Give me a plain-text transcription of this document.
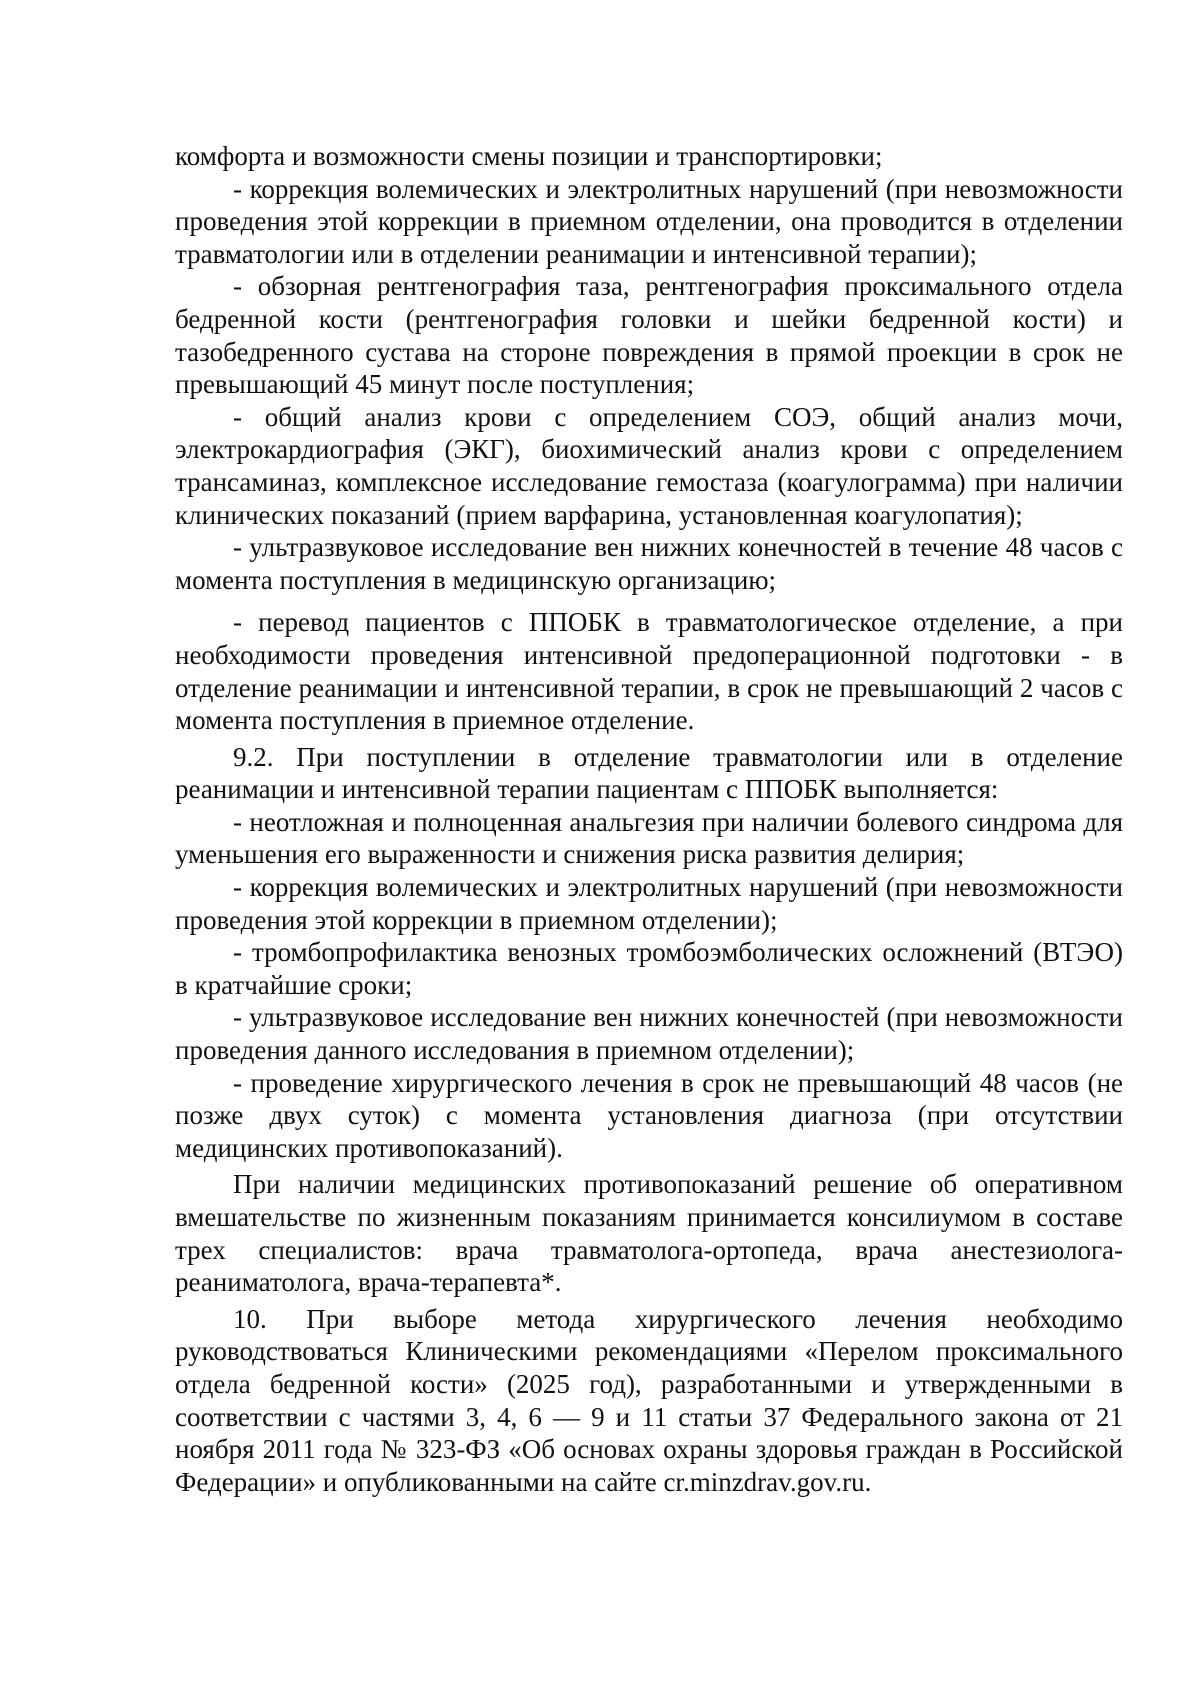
комфорта и возможности смены позиции и транспортировки;

- коррекция волемических и электролитных нарушений (при невозможности проведения этой коррекции в приемном отделении, она проводится в отделении травматологии или в отделении реанимации и интенсивной терапии);

- обзорная рентгенография таза, рентгенография проксимального отдела бедренной кости (рентгенография головки и шейки бедренной кости) и тазобедренного сустава на стороне повреждения в прямой проекции в срок не превышающий 45 минут после поступления;

- общий анализ крови с определением СОЭ, общий анализ мочи, электрокардиография (ЭКГ), биохимический анализ крови с определением трансаминаз, комплексное исследование гемостаза (коагулограмма) при наличии клинических показаний (прием варфарина, установленная коагулопатия);

- ультразвуковое исследование вен нижних конечностей в течение 48 часов с момента поступления в медицинскую организацию;

- перевод пациентов с ППОБК в травматологическое отделение, а при необходимости проведения интенсивной предоперационной подготовки - в отделение реанимации и интенсивной терапии, в срок не превышающий 2 часов с момента поступления в приемное отделение.

9.2. При поступлении в отделение травматологии или в отделение реанимации и интенсивной терапии пациентам с ППОБК выполняется:

- неотложная и полноценная анальгезия при наличии болевого синдрома для уменьшения его выраженности и снижения риска развития делирия;

- коррекция волемических и электролитных нарушений (при невозможности проведения этой коррекции в приемном отделении);

- тромбопрофилактика венозных тромбоэмболических осложнений (ВТЭО) в кратчайшие сроки;

- ультразвуковое исследование вен нижних конечностей (при невозможности проведения данного исследования в приемном отделении);

- проведение хирургического лечения в срок не превышающий 48 часов (не позже двух суток) с момента установления диагноза (при отсутствии медицинских противопоказаний).

При наличии медицинских противопоказаний решение об оперативном вмешательстве по жизненным показаниям принимается консилиумом в составе трех специалистов: врача травматолога-ортопеда, врача анестезиолога-реаниматолога, врача-терапевта*.

10. При выборе метода хирургического лечения необходимо руководствоваться Клиническими рекомендациями «Перелом проксимального отдела бедренной кости» (2025 год), разработанными и утвержденными в соответствии с частями 3, 4, 6 — 9 и 11 статьи 37 Федерального закона от 21 ноября 2011 года № 323-ФЗ «Об основах охраны здоровья граждан в Российской Федерации» и опубликованными на сайте cr.minzdrav.gov.ru.
